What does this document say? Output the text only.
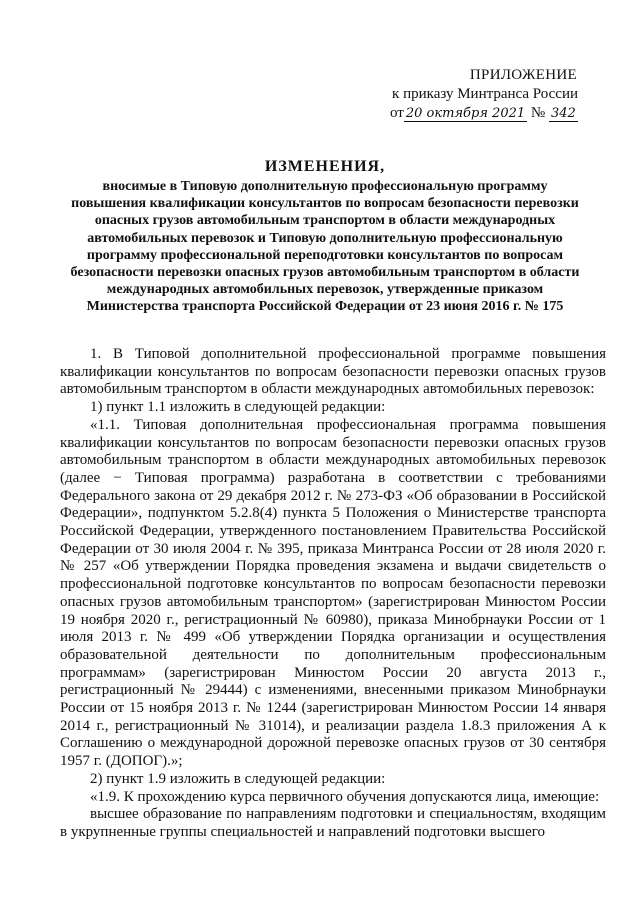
ПРИЛОЖЕНИЕ
к приказу Минтранса России
от 20 октября 2021 № 342
ИЗМЕНЕНИЯ,
вносимые в Типовую дополнительную профессиональную программу повышения квалификации консультантов по вопросам безопасности перевозки опасных грузов автомобильным транспортом в области международных автомобильных перевозок и Типовую дополнительную профессиональную программу профессиональной переподготовки консультантов по вопросам безопасности перевозки опасных грузов автомобильным транспортом в области международных автомобильных перевозок, утвержденные приказом Министерства транспорта Российской Федерации от 23 июня 2016 г. № 175

1. В Типовой дополнительной профессиональной программе повышения квалификации консультантов по вопросам безопасности перевозки опасных грузов автомобильным транспортом в области международных автомобильных перевозок:

1) пункт 1.1 изложить в следующей редакции:

«1.1. Типовая дополнительная профессиональная программа повышения квалификации консультантов по вопросам безопасности перевозки опасных грузов автомобильным транспортом в области международных автомобильных перевозок (далее − Типовая программа) разработана в соответствии с требованиями Федерального закона от 29 декабря 2012 г. № 273-ФЗ «Об образовании в Российской Федерации», подпунктом 5.2.8(4) пункта 5 Положения о Министерстве транспорта Российской Федерации, утвержденного постановлением Правительства Российской Федерации от 30 июля 2004 г. № 395, приказа Минтранса России от 28 июля 2020 г. № 257 «Об утверждении Порядка проведения экзамена и выдачи свидетельств о профессиональной подготовке консультантов по вопросам безопасности перевозки опасных грузов автомобильным транспортом» (зарегистрирован Минюстом России 19 ноября 2020 г., регистрационный № 60980), приказа Минобрнауки России от 1 июля 2013 г. № 499 «Об утверждении Порядка организации и осуществления образовательной деятельности по дополнительным профессиональным программам» (зарегистрирован Минюстом России 20 августа 2013 г., регистрационный № 29444) с изменениями, внесенными приказом Минобрнауки России от 15 ноября 2013 г. № 1244 (зарегистрирован Минюстом России 14 января 2014 г., регистрационный № 31014), и реализации раздела 1.8.3 приложения А к Соглашению о международной дорожной перевозке опасных грузов от 30 сентября 1957 г. (ДОПОГ).»;

2) пункт 1.9 изложить в следующей редакции:

«1.9. К прохождению курса первичного обучения допускаются лица, имеющие:

высшее образование по направлениям подготовки и специальностям, входящим в укрупненные группы специальностей и направлений подготовки высшего
